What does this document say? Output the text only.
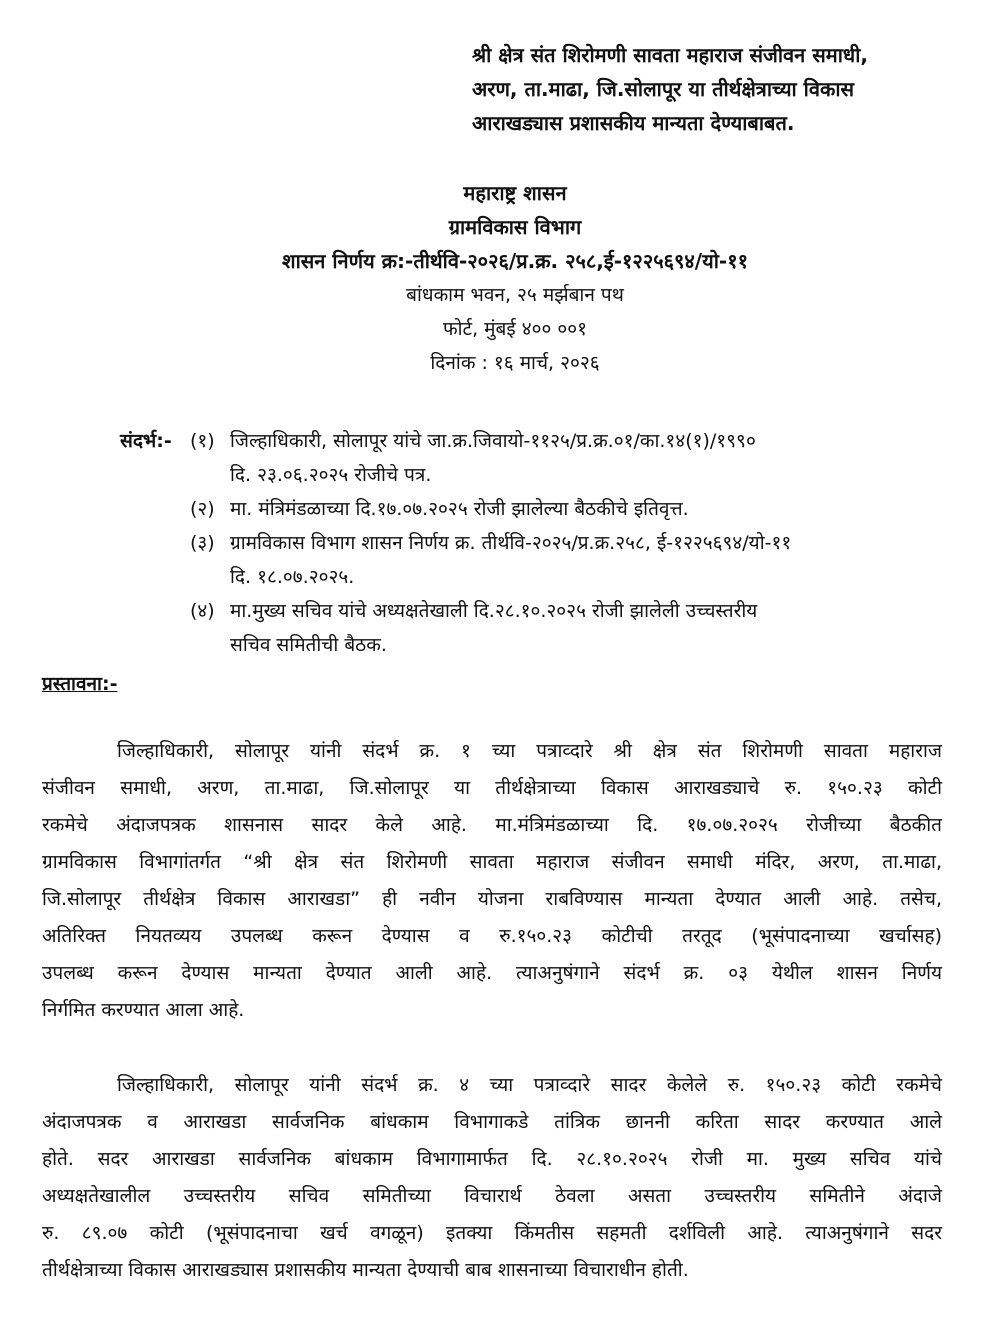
श्री क्षेत्र संत शिरोमणी सावता महाराज संजीवन समाधी,
अरण, ता.माढा, जि.सोलापूर या तीर्थक्षेत्राच्या विकास
आराखड्यास प्रशासकीय मान्यता देण्याबाबत.
महाराष्ट्र शासन
ग्रामविकास विभाग
शासन निर्णय क्र:-तीर्थवि-२०२६/प्र.क्र. २५८,ई-१२२५६९४/यो-११
बांधकाम भवन, २५ मर्झबान पथ
फोर्ट, मुंबई ४०० ००१
दिनांक : १६ मार्च, २०२६
संदर्भ:- (१) जिल्हाधिकारी, सोलापूर यांचे जा.क्र.जिवायो-११२५/प्र.क्र.०१/का.१४(१)/१९९०
दि. २३.०६.२०२५ रोजीचे पत्र.
(२) मा. मंत्रिमंडळाच्या दि.१७.०७.२०२५ रोजी झालेल्या बैठकीचे इतिवृत्त.
(३) ग्रामविकास विभाग शासन निर्णय क्र. तीर्थवि-२०२५/प्र.क्र.२५८, ई-१२२५६९४/यो-११
दि. १८.०७.२०२५.
(४) मा.मुख्य सचिव यांचे अध्यक्षतेखाली दि.२८.१०.२०२५ रोजी झालेली उच्चस्तरीय
सचिव समितीची बैठक.
प्रस्तावना:-
जिल्हाधिकारी, सोलापूर यांनी संदर्भ क्र. १ च्या पत्राव्दारे श्री क्षेत्र संत शिरोमणी सावता महाराज
संजीवन समाधी, अरण, ता.माढा, जि.सोलापूर या तीर्थक्षेत्राच्या विकास आराखड्याचे रु. १५०.२३ कोटी
रकमेचे अंदाजपत्रक शासनास सादर केले आहे. मा.मंत्रिमंडळाच्या दि. १७.०७.२०२५ रोजीच्या बैठकीत
ग्रामविकास विभागांतर्गत “श्री क्षेत्र संत शिरोमणी सावता महाराज संजीवन समाधी मंदिर, अरण, ता.माढा,
जि.सोलापूर तीर्थक्षेत्र विकास आराखडा” ही नवीन योजना राबविण्यास मान्यता देण्यात आली आहे. तसेच,
अतिरिक्त नियतव्यय उपलब्ध करून देण्यास व रु.१५०.२३ कोटीची तरतूद (भूसंपादनाच्या खर्चासह)
उपलब्ध करून देण्यास मान्यता देण्यात आली आहे. त्याअनुषंगाने संदर्भ क्र. ०३ येथील शासन निर्णय
निर्गमित करण्यात आला आहे.
जिल्हाधिकारी, सोलापूर यांनी संदर्भ क्र. ४ च्या पत्राव्दारे सादर केलेले रु. १५०.२३ कोटी रकमेचे
अंदाजपत्रक व आराखडा सार्वजनिक बांधकाम विभागाकडे तांत्रिक छाननी करिता सादर करण्यात आले
होते. सदर आराखडा सार्वजनिक बांधकाम विभागामार्फत दि. २८.१०.२०२५ रोजी मा. मुख्य सचिव यांचे
अध्यक्षतेखालील उच्चस्तरीय सचिव समितीच्या विचारार्थ ठेवला असता उच्चस्तरीय समितीने अंदाजे
रु. ८९.०७ कोटी (भूसंपादनाचा खर्च वगळून) इतक्या किंमतीस सहमती दर्शविली आहे. त्याअनुषंगाने सदर
तीर्थक्षेत्राच्या विकास आराखड्यास प्रशासकीय मान्यता देण्याची बाब शासनाच्या विचाराधीन होती.
